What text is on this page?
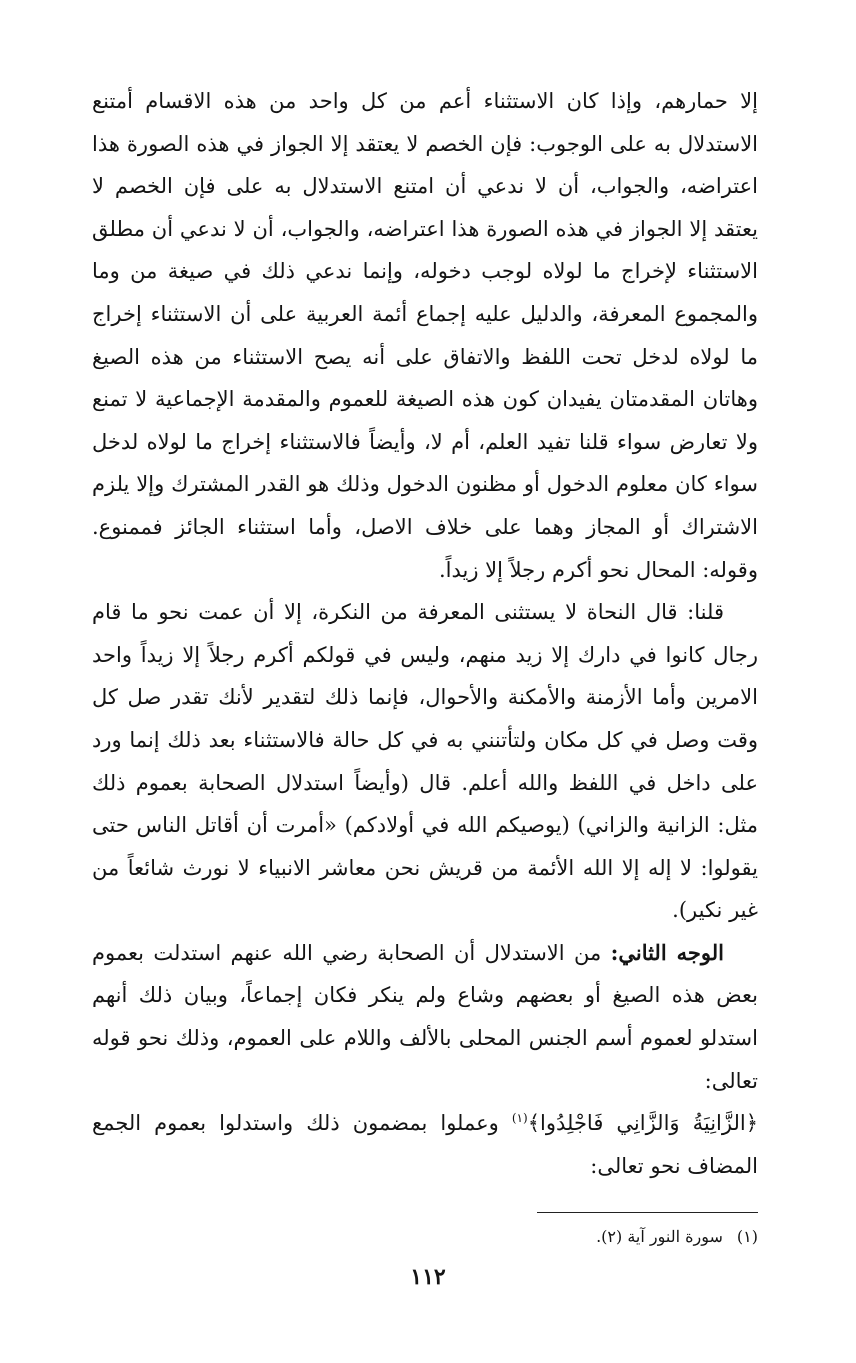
إلا حمارهم، وإذا كان الاستثناء أعم من كل واحد من هذه الاقسام أمتنع الاستدلال به على الوجوب: فإن الخصم لا يعتقد إلا الجواز في هذه الصورة هذا اعتراضه، والجواب، أن لا ندعي أن امتنع الاستدلال به على فإن الخصم لا يعتقد إلا الجواز في هذه الصورة هذا اعتراضه، والجواب، أن لا ندعي أن مطلق الاستثناء لإخراج ما لولاه لوجب دخوله، وإنما ندعي ذلك في صيغة من وما والمجموع المعرفة، والدليل عليه إجماع أئمة العربية على أن الاستثناء إخراج ما لولاه لدخل تحت اللفظ والاتفاق على أنه يصح الاستثناء من هذه الصيغ وهاتان المقدمتان يفيدان كون هذه الصيغة للعموم والمقدمة الإجماعية لا تمنع ولا تعارض سواء قلنا تفيد العلم، أم لا، وأيضاً فالاستثناء إخراج ما لولاه لدخل سواء كان معلوم الدخول أو مظنون الدخول وذلك هو القدر المشترك وإلا يلزم الاشتراك أو المجاز وهما على خلاف الاصل، وأما استثناء الجائز فممنوع. وقوله: المحال نحو أكرم رجلاً إلا زيداً.

قلنا: قال النحاة لا يستثنى المعرفة من النكرة، إلا أن عمت نحو ما قام رجال كانوا في دارك إلا زيد منهم، وليس في قولكم أكرم رجلاً إلا زيداً واحد الامرين وأما الأزمنة والأمكنة والأحوال، فإنما ذلك لتقدير لأنك تقدر صل كل وقت وصل في كل مكان ولتأتنني به في كل حالة فالاستثناء بعد ذلك إنما ورد على داخل في اللفظ والله أعلم. قال (وأيضاً استدلال الصحابة بعموم ذلك مثل: الزانية والزاني) (يوصيكم الله في أولادكم) «أمرت أن أقاتل الناس حتى يقولوا: لا إله إلا الله الأئمة من قريش نحن معاشر الانبياء لا نورث شائعاً من غير نكير).

الوجه الثاني: من الاستدلال أن الصحابة رضي الله عنهم استدلت بعموم بعض هذه الصيغ أو بعضهم وشاع ولم ينكر فكان إجماعاً، وبيان ذلك أنهم استدلو لعموم أسم الجنس المحلى بالألف واللام على العموم، وذلك نحو قوله تعالى:

﴿الزَّانِيَةُ وَالزَّانِي فَاجْلِدُوا﴾$^{(١)}$ وعملوا بمضمون ذلك واستدلوا بعموم الجمع المضاف نحو تعالى:

(١)سورة النور آية (٢).
١١٢
